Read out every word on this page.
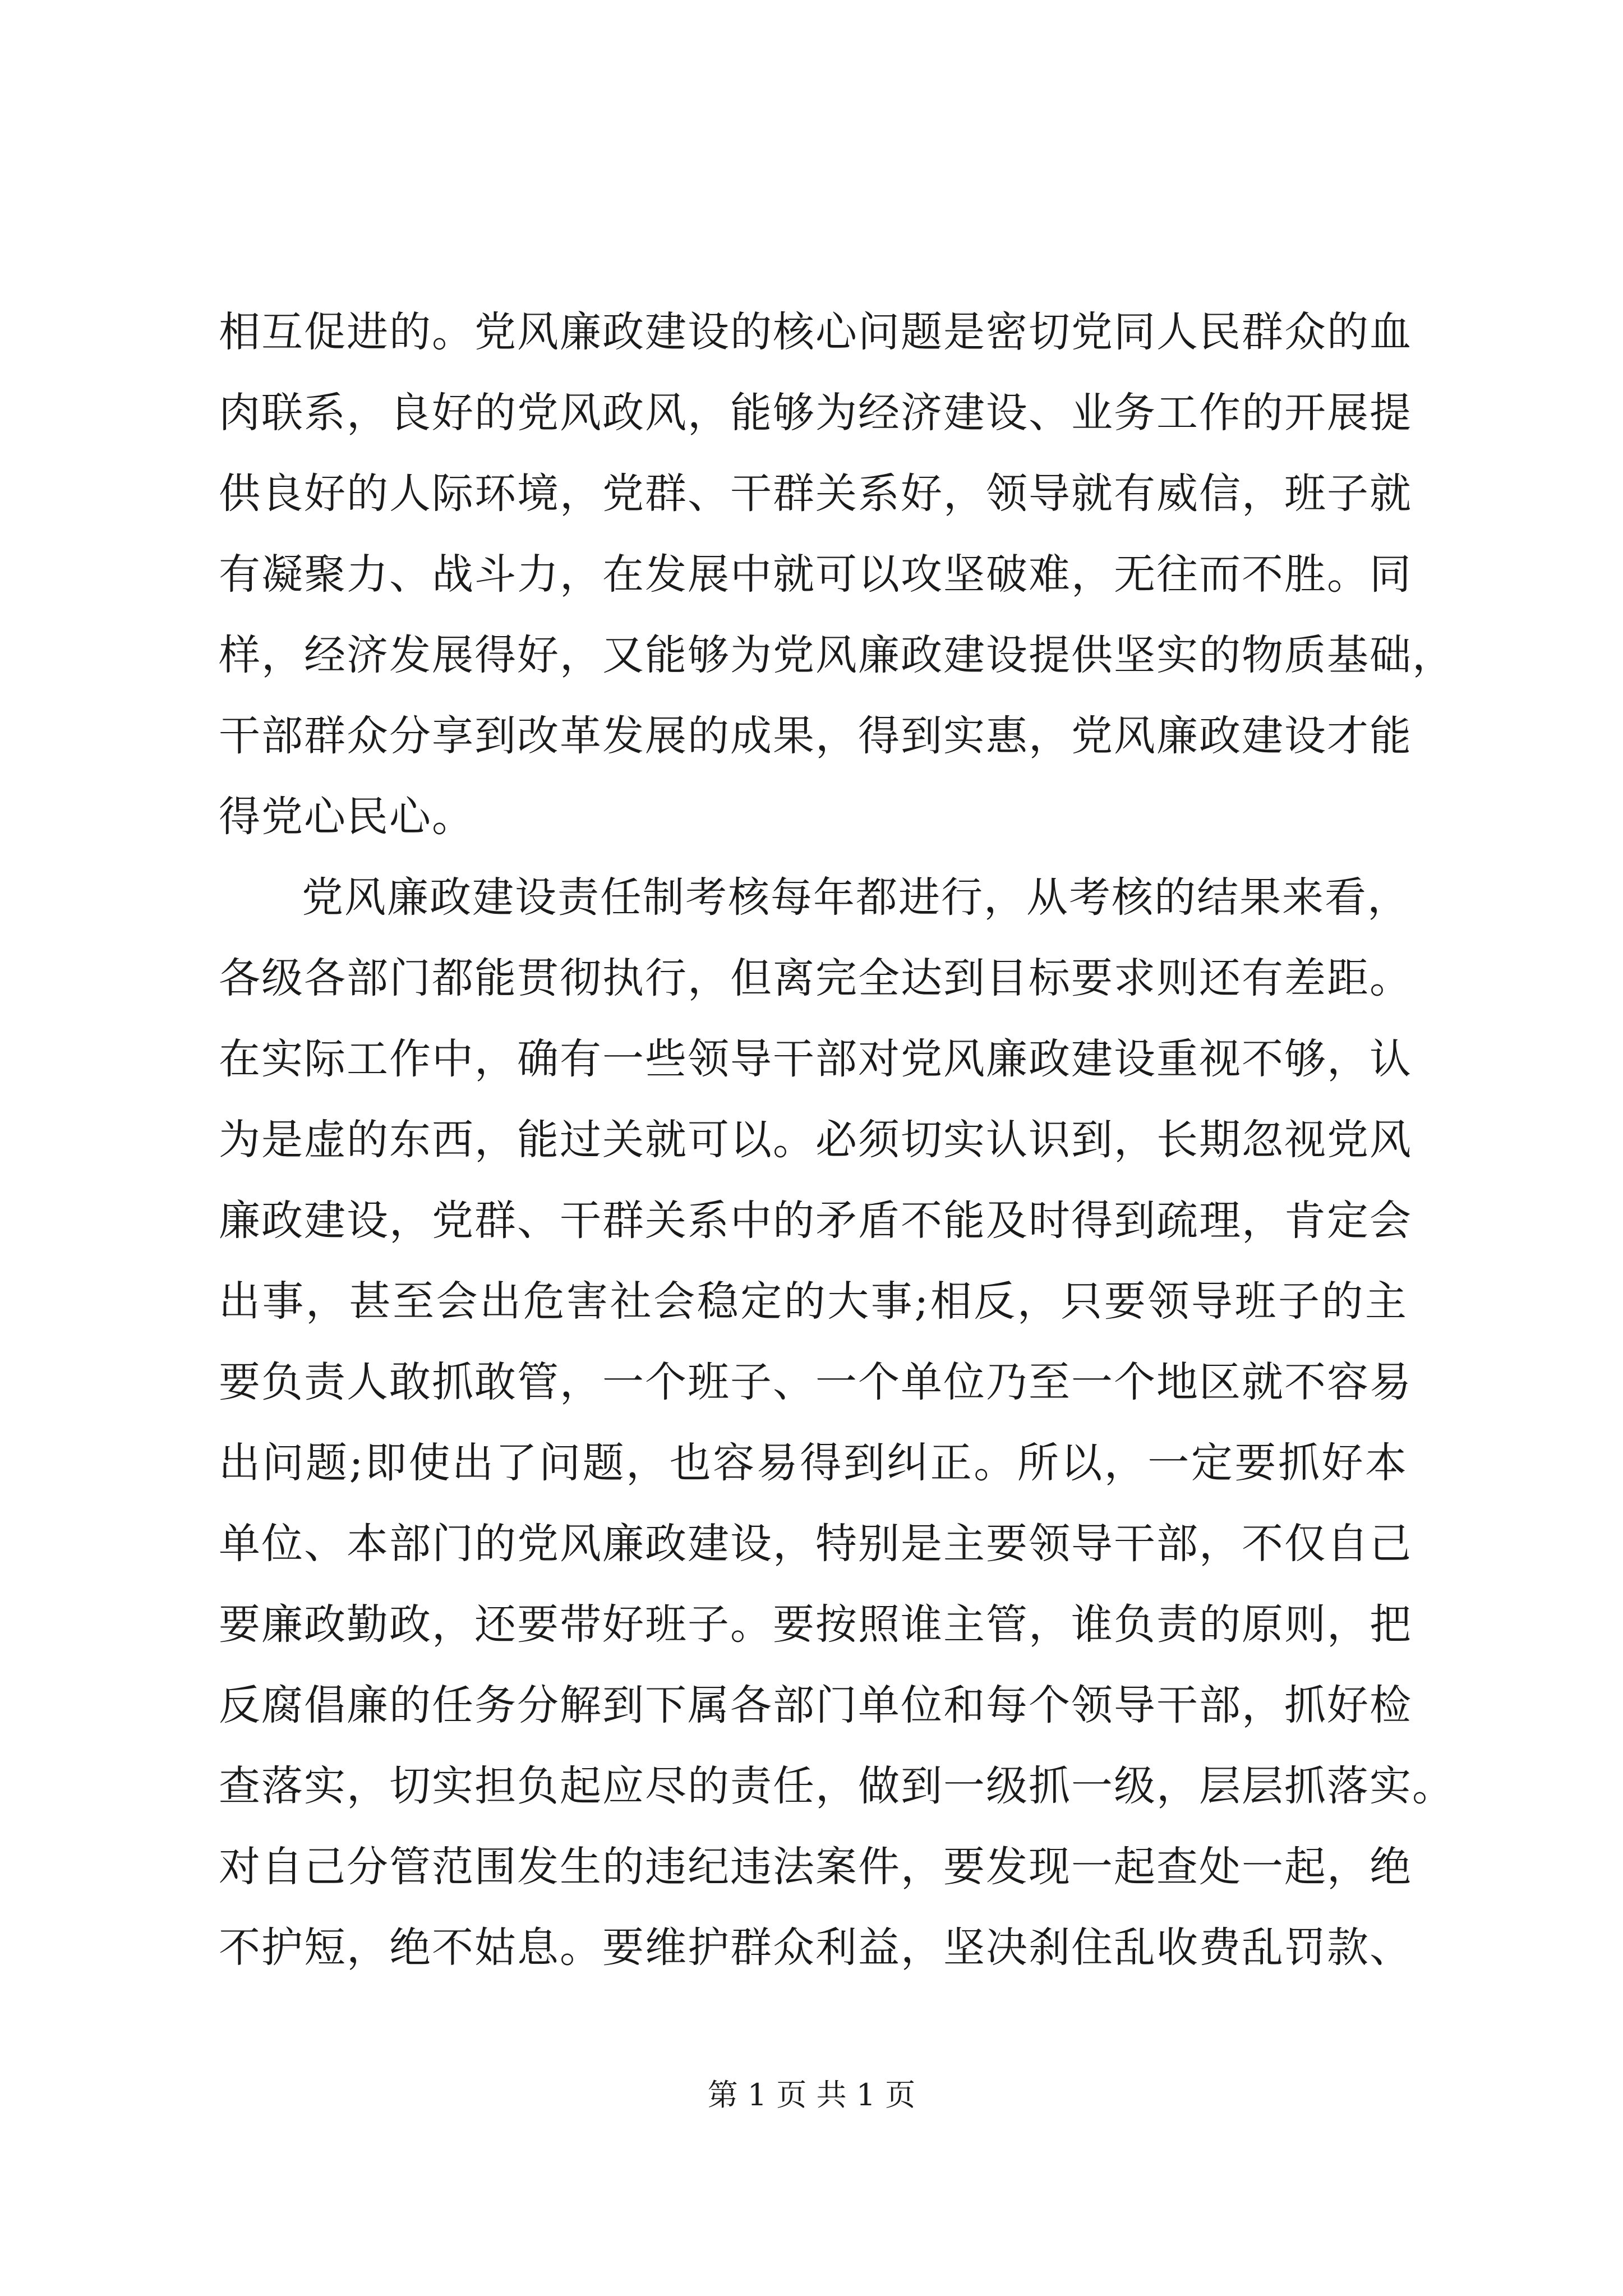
相互促进的。党风廉政建设的核心问题是密切党同人民群众的血
肉联系，良好的党风政风，能够为经济建设、业务工作的开展提
供良好的人际环境，党群、干群关系好，领导就有威信，班子就
有凝聚力、战斗力，在发展中就可以攻坚破难，无往而不胜。同
样，经济发展得好，又能够为党风廉政建设提供坚实的物质基础，
干部群众分享到改革发展的成果，得到实惠，党风廉政建设才能
得党心民心。
党风廉政建设责任制考核每年都进行，从考核的结果来看，
各级各部门都能贯彻执行，但离完全达到目标要求则还有差距。
在实际工作中，确有一些领导干部对党风廉政建设重视不够，认
为是虚的东西，能过关就可以。必须切实认识到，长期忽视党风
廉政建设，党群、干群关系中的矛盾不能及时得到疏理，肯定会
出事，甚至会出危害社会稳定的大事;相反，只要领导班子的主
要负责人敢抓敢管，一个班子、一个单位乃至一个地区就不容易
出问题;即使出了问题，也容易得到纠正。所以，一定要抓好本
单位、本部门的党风廉政建设，特别是主要领导干部，不仅自己
要廉政勤政，还要带好班子。要按照谁主管，谁负责的原则，把
反腐倡廉的任务分解到下属各部门单位和每个领导干部，抓好检
查落实，切实担负起应尽的责任，做到一级抓一级，层层抓落实。
对自己分管范围发生的违纪违法案件，要发现一起查处一起，绝
不护短，绝不姑息。要维护群众利益，坚决刹住乱收费乱罚款、
第 1 页 共 1 页
